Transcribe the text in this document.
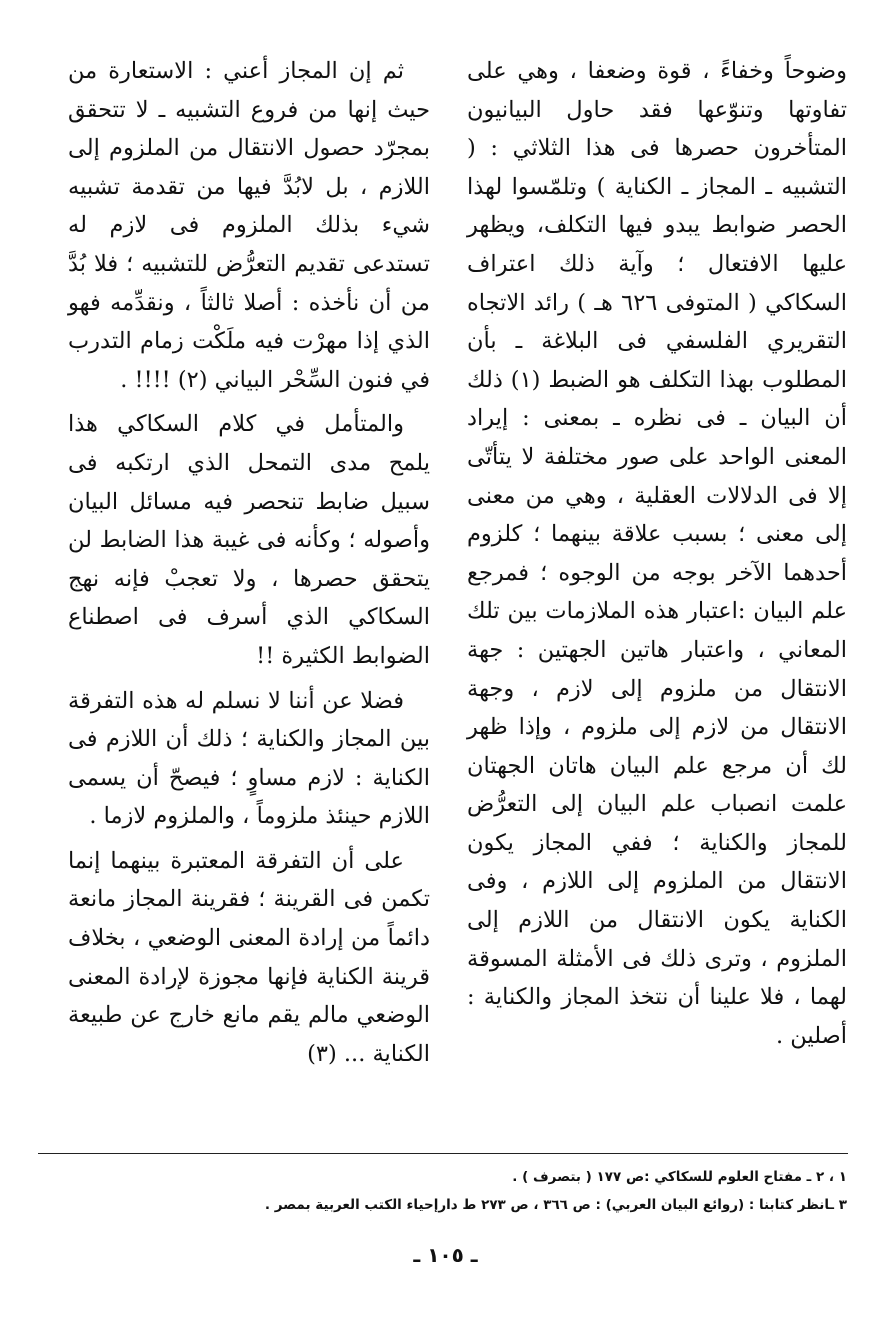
وضوحاً وخفاءً ، قوة وضعفا ، وهي على تفاوتها وتنوّعها فقد حاول البيانيون المتأخرون حصرها فى هذا الثلاثي : ( التشبيه ـ المجاز ـ الكناية ) وتلمّسوا لهذا الحصر ضوابط يبدو فيها التكلف، ويظهر عليها الافتعال ؛ وآية ذلك اعتراف السكاكي ( المتوفى ٦٢٦ هـ ) رائد الاتجاه التقريري الفلسفي فى البلاغة ـ بأن المطلوب بهذا التكلف هو الضبط (١) ذلك أن البيان ـ فى نظره ـ بمعنى : إيراد المعنى الواحد على صور مختلفة لا يتأتّى إلا فى الدلالات العقلية ، وهي من معنى إلى معنى ؛ بسبب علاقة بينهما ؛ كلزوم أحدهما الآخر بوجه من الوجوه ؛ فمرجع علم البيان :اعتبار هذه الملازمات بين تلك المعاني ، واعتبار هاتين الجهتين : جهة الانتقال من ملزوم إلى لازم ، وجهة الانتقال من لازم إلى ملزوم ، وإذا ظهر لك أن مرجع علم البيان هاتان الجهتان علمت انصباب علم البيان إلى التعرُّض للمجاز والكناية ؛ ففي المجاز يكون الانتقال من الملزوم إلى اللازم ، وفى الكناية يكون الانتقال من اللازم إلى الملزوم ، وترى ذلك فى الأمثلة المسوقة لهما ، فلا علينا أن نتخذ المجاز والكناية : أصلين .

ثم إن المجاز أعني : الاستعارة من حيث إنها من فروع التشبيه ـ لا تتحقق بمجرّد حصول الانتقال من الملزوم إلى اللازم ، بل لابُدَّ فيها من تقدمة تشبيه شيء بذلك الملزوم فى لازم له تستدعى تقديم التعرُّض للتشبيه ؛ فلا بُدَّ من أن نأخذه : أصلا ثالثاً ، ونقدِّمه فهو الذي إذا مهرْت فيه ملَكْت زمام التدرب في فنون السِّحْر البياني (٢) !!!! .

والمتأمل في كلام السكاكي هذا يلمح مدى التمحل الذي ارتكبه فى سبيل ضابط تنحصر فيه مسائل البيان وأصوله ؛ وكأنه فى غيبة هذا الضابط لن يتحقق حصرها ، ولا تعجبْ فإنه نهج السكاكي الذي أسرف فى اصطناع الضوابط الكثيرة !!

فضلا عن أننا لا نسلم له هذه التفرقة بين المجاز والكناية ؛ ذلك أن اللازم فى الكناية : لازم مساوٍ ؛ فيصحّ أن يسمى اللازم حينئذ ملزوماً ، والملزوم لازما .

على أن التفرقة المعتبرة بينهما إنما تكمن فى القرينة ؛ فقرينة المجاز مانعة دائماً من إرادة المعنى الوضعي ، بخلاف قرينة الكناية فإنها مجوزة لإرادة المعنى الوضعي مالم يقم مانع خارج عن طبيعة الكناية ... (٣)

١ ، ٢ ـ مفتاح العلوم للسكاكي :ص ١٧٧ ( بتصرف ) .
٣ ـانظر كتابنا : (روائع البيان العربي) : ص ٣٦٦ ، ص ٢٧٣ ط دارإحياء الكتب العربية بمصر .
ـ ١٠٥ ـ
